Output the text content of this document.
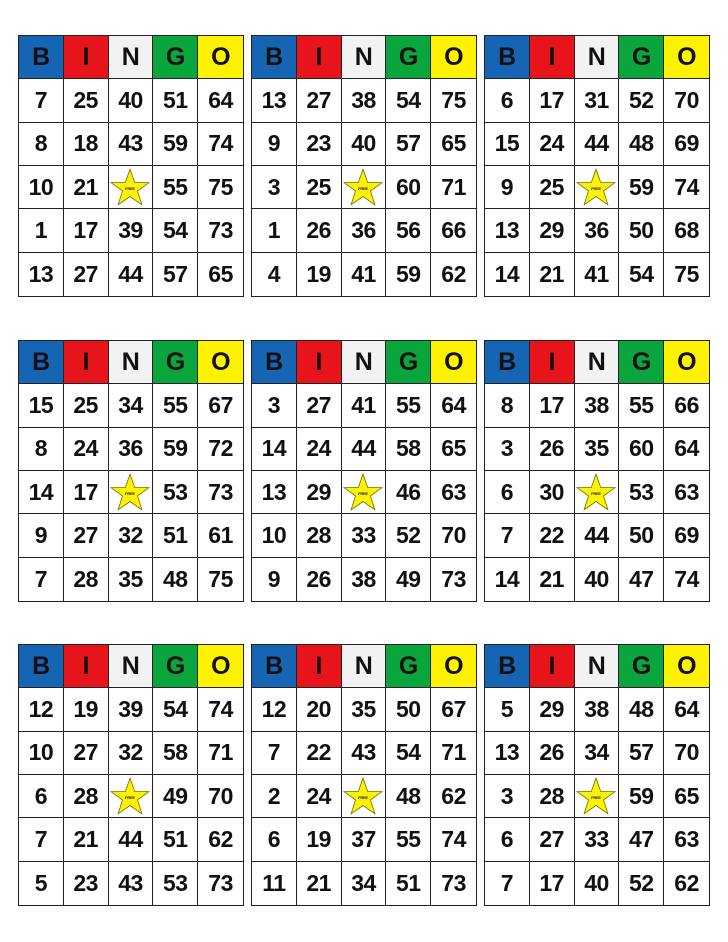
B	I	N	G	O
7	25 40 51 64
8	18 43 59 74
10 21	FREE	55 75
1	17 39 54 73
13 27 44 57 65
B	I	N	G	O
13 27 38 54 75
9	23 40 57 65
3	25	FREE	60 71
1	26 36 56 66
4	19 41 59 62
B	I	N	G	O
6	17 31 52 70
15 24 44 48 69
9	25	FREE	59 74
13 29 36 50 68
14 21 41 54 75
B	I	N	G	O
15 25 34 55 67
8	24 36 59 72
14 17	FREE	53 73
9	27 32 51 61
7	28 35 48 75
B	I	N	G	O
3	27 41 55 64
14 24 44 58 65
13 29	FREE	46 63
10 28 33 52 70
9	26 38 49 73
B	I	N	G	O
8	17 38 55 66
3	26 35 60 64
6	30	FREE	53 63
7	22 44 50 69
14 21 40 47 74
B	I	N	G	O
12 19 39 54 74
10 27 32 58 71
6	28	FREE	49 70
7	21 44 51 62
5	23 43 53 73
B	I	N	G	O
12 20 35 50 67
7	22 43 54 71
2	24	FREE	48 62
6	19 37 55 74
11 21 34 51 73
B	I	N	G	O
5	29 38 48 64
13 26 34 57 70
3	28	FREE	59 65
6	27 33 47 63
7	17 40 52 62
